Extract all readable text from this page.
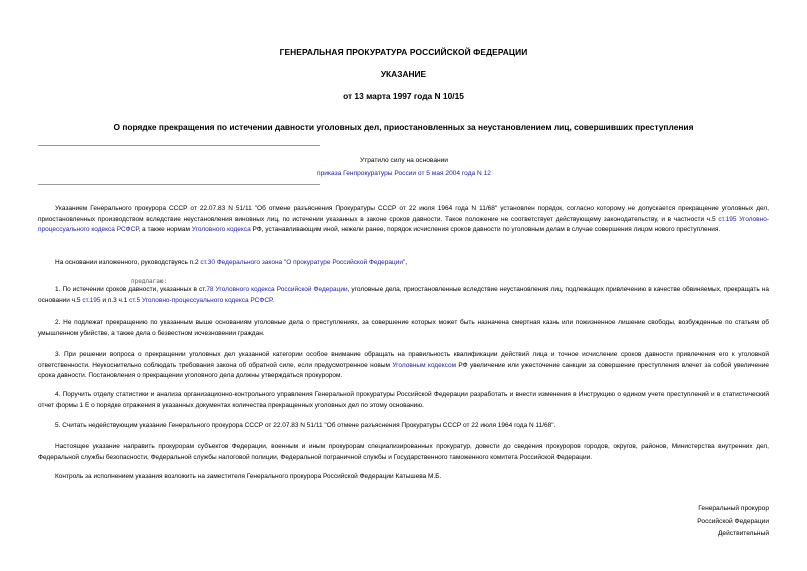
ГЕНЕРАЛЬНАЯ ПРОКУРАТУРА РОССИЙСКОЙ ФЕДЕРАЦИИ
УКАЗАНИЕ
от 13 марта 1997 года N 10/15
О порядке прекращения по истечении давности уголовных дел, приостановленных за неустановлением лиц, совершивших преступления
Утратило силу на основании
приказа Генпрокуратуры России от 5 мая 2004 года N 12

Указанием Генерального прокурора СССР от 22.07.83 N 51/11 "Об отмене разъяснения Прокуратуры СССР от 22 июля 1964 года N 11/68" установлен порядок, согласно которому не допускается прекращение уголовных дел, приостановленных производством вследствие неустановления виновных лиц, по истечении указанных в законе сроков давности. Такое положение не соответствует действующему законодательству, и в частности ч.5 ст.195 Уголовно-процессуального кодекса РСФСР, а также нормам Уголовного кодекса РФ, устанавливающим иной, нежели ранее, порядок исчисления сроков давности по уголовным делам в случае совершения лицом нового преступления.

На основании изложенного, руководствуясь п.2 ст.30 Федерального закона "О прокуратуре Российской Федерации",

предлагаю:

1. По истечении сроков давности, указанных в ст.78 Уголовного кодекса Российской Федерации, уголовные дела, приостановленные вследствие неустановления лиц, подлежащих привлечению в качестве обвиняемых, прекращать на основании ч.5 ст.195 и п.3 ч.1 ст.5 Уголовно-процессуального кодекса РСФСР.

2. Не подлежат прекращению по указанным выше основаниям уголовные дела о преступлениях, за совершение которых может быть назначена смертная казнь или пожизненное лишение свободы, возбужденные по статьям об умышленном убийстве, а также дела о безвестном исчезновении граждан.

3. При решении вопроса о прекращении уголовных дел указанной категории особое внимание обращать на правильность квалификации действий лица и точное исчисление сроков давности привлечения его к уголовной ответственности. Неукоснительно соблюдать требования закона об обратной силе, если предусмотренное новым Уголовным кодексом РФ увеличение или ужесточение санкции за совершение преступления влечет за собой увеличение срока давности. Постановления о прекращении уголовного дела должны утверждаться прокурором.

4. Поручить отделу статистики и анализа организационно-контрольного управления Генеральной прокуратуры Российской Федерации разработать и внести изменения в Инструкцию о едином учете преступлений и в статистический отчет формы 1 Е о порядке отражения в указанных документах количества прекращенных уголовных дел по этому основанию.

5. Считать недействующим указание Генерального прокурора СССР от 22.07.83 N 51/11 "Об отмене разъяснения Прокуратуры СССР от 22 июля 1964 года N 11/68".

Настоящее указание направить прокурорам субъектов Федерации, военным и иным прокурорам специализированных прокуратур, довести до сведения прокуроров городов, округов, районов, Министерства внутренних дел, Федеральной службы безопасности, Федеральной службы налоговой полиции, Федеральной пограничной службы и Государственного таможенного комитета Российской Федерации.

Контроль за исполнением указания возложить на заместителя Генерального прокурора Российской Федерации Катышева М.Б.

Генеральный прокурор
Российской Федерации
Действительный
